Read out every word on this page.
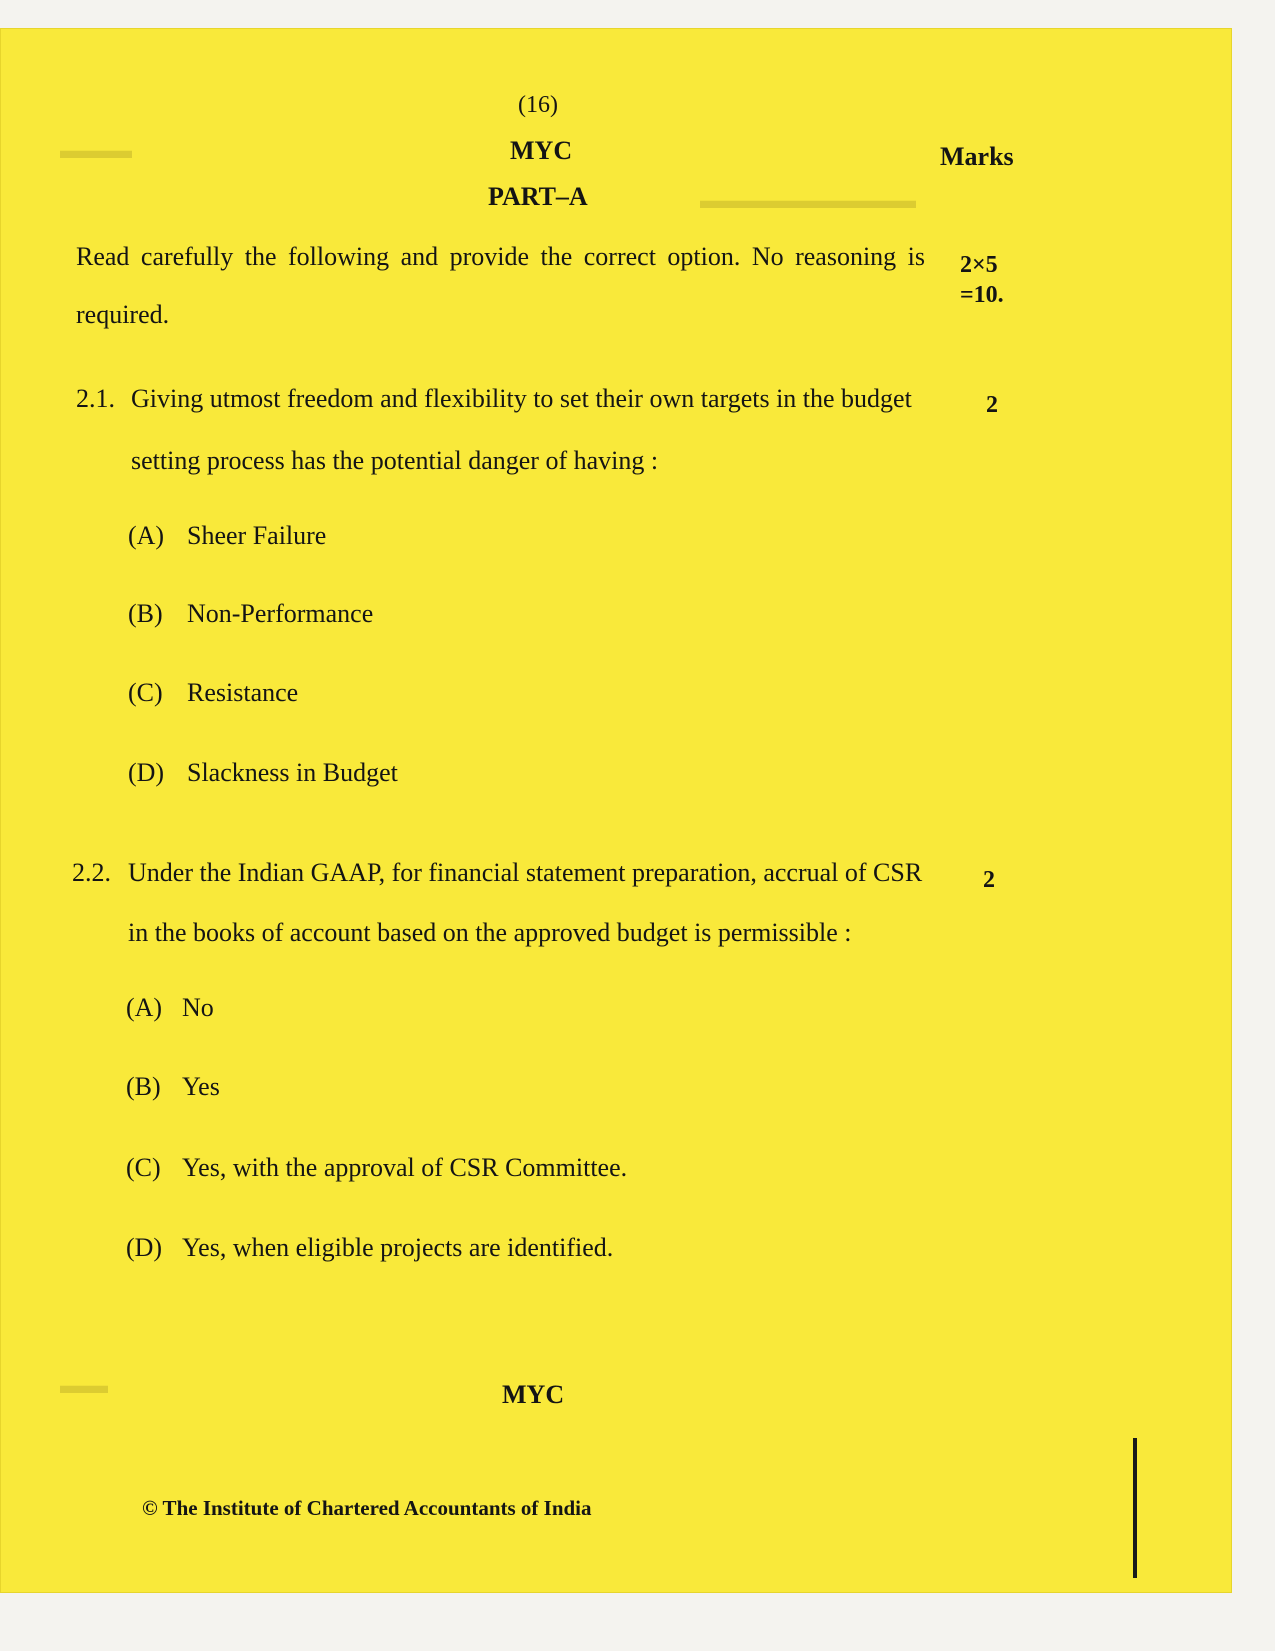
▬▬▬▬▬▬▬▬▬
▬▬▬
▬▬
(16)
MYC	Marks
PART–A
Read carefully the following and provide the correct option. No reasoning is
required.
2×5
=10.
2.1. Giving utmost freedom and flexibility to set their own targets in the budget
setting process has the potential danger of having :
2
(A) Sheer Failure
(B) Non-Performance
(C) Resistance
(D) Slackness in Budget
2.2. Under the Indian GAAP, for financial statement preparation, accrual of CSR
in the books of account based on the approved budget is permissible :
2
(A) No
(B) Yes
(C) Yes, with the approval of CSR Committee.
(D) Yes, when eligible projects are identified.
MYC
© The Institute of Chartered Accountants of India
